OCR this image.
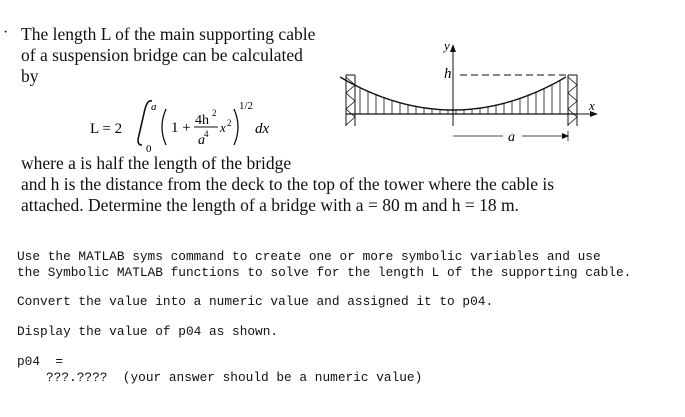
· The length L of the main supporting cable
of a suspension bridge can be calculated
by
L = 2
a
0
1 + 4h 2
a 4 x 2
1/2
dx
y
h
x
a
where a is half the length of the bridge
and h is the distance from the deck to the top of the tower where the cable is
attached. Determine the length of a bridge with a = 80 m and h = 18 m.
Use the MATLAB syms command to create one or more symbolic variables and use
the Symbolic MATLAB functions to solve for the length L of the supporting cable.
Convert the value into a numeric value and assigned it to p04.
Display the value of p04 as shown.
p04  =
???.????  (your answer should be a numeric value)
